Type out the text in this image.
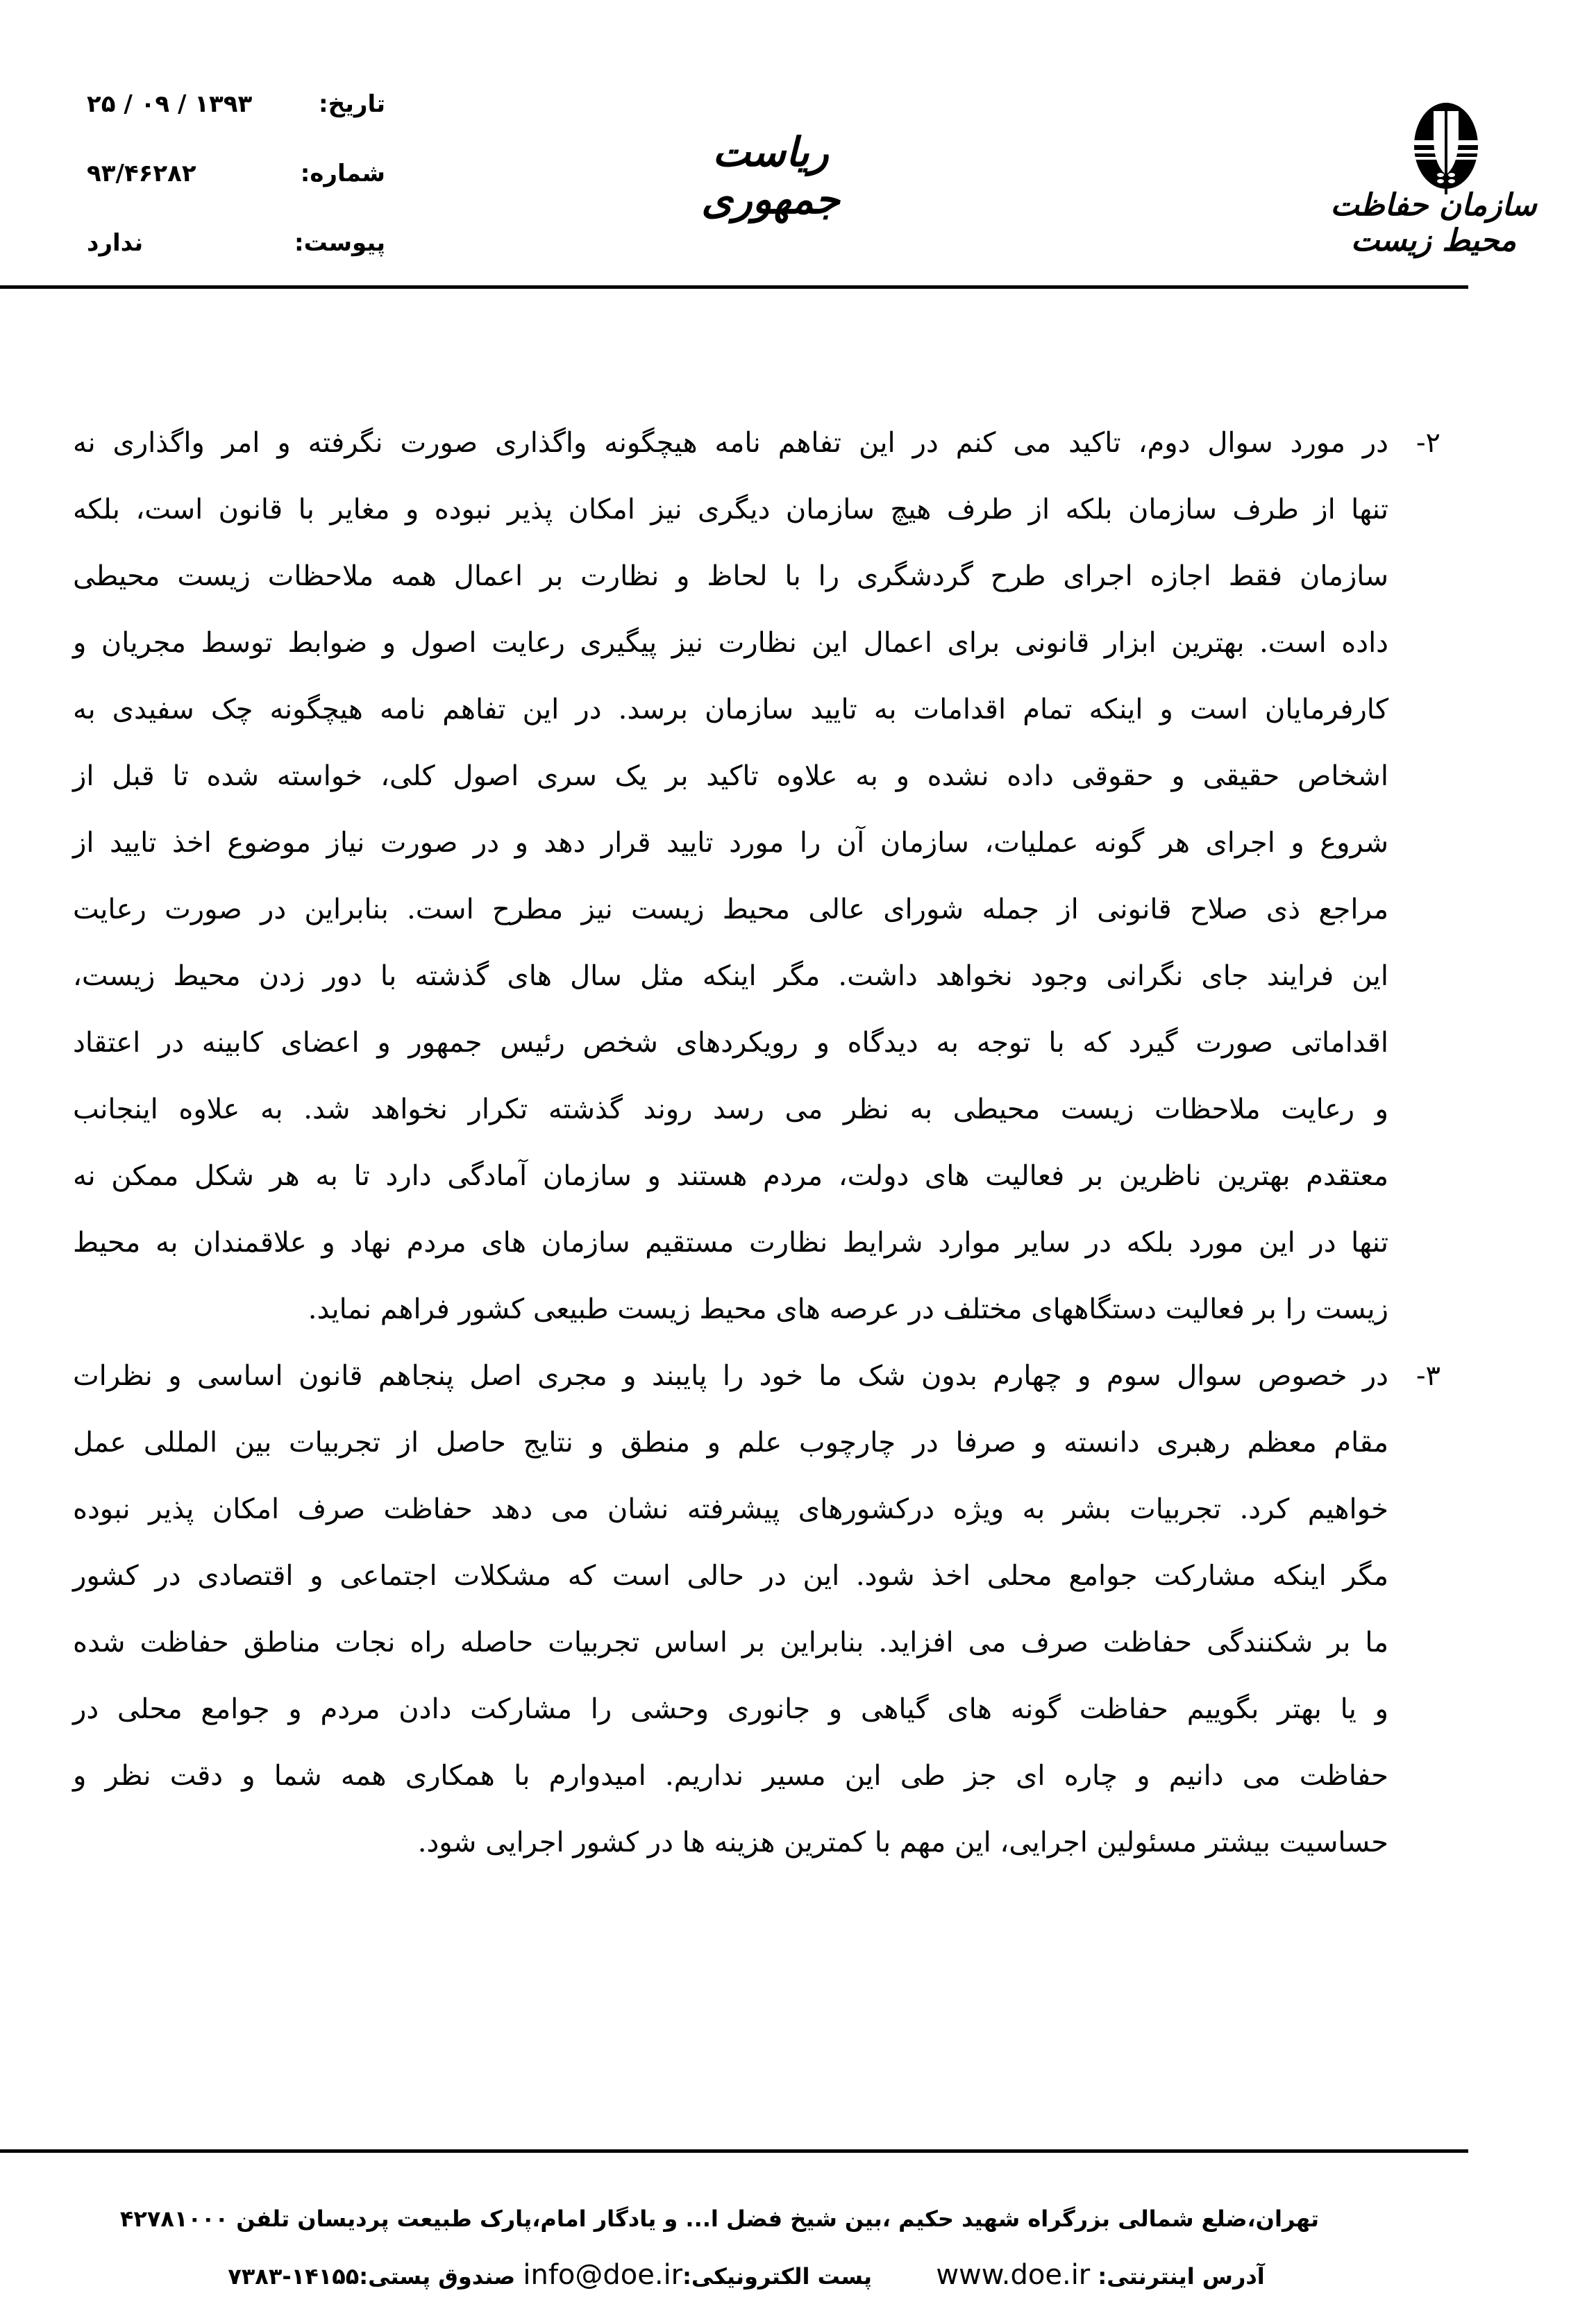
تاریخ:
۱۳۹۳ / ۰۹ / ۲۵
شماره:
۹۳/۴۶۲۸۲
پیوست:
ندارد
ریاست جمهوری	سازمان حفاظت محیط زیست
۲-
در مورد سوال دوم، تاکید می کنم در این تفاهم نامه هیچگونه واگذاری صورت نگرفته و امر واگذاری نه
تنها از طرف سازمان بلکه از طرف هیچ سازمان دیگری نیز امکان پذیر نبوده و مغایر با قانون است، بلکه
سازمان فقط اجازه اجرای طرح گردشگری را با لحاظ و نظارت بر اعمال همه ملاحظات زیست محیطی
داده است. بهترین ابزار قانونی برای اعمال این نظارت نیز پیگیری رعایت اصول و ضوابط توسط مجریان و
کارفرمایان است و اینکه تمام اقدامات به تایید سازمان برسد. در این تفاهم نامه هیچگونه چک سفیدی به
اشخاص حقیقی و حقوقی داده نشده و به علاوه تاکید بر یک سری اصول کلی، خواسته شده تا قبل از
شروع و اجرای هر گونه عملیات، سازمان آن را مورد تایید قرار دهد و در صورت نیاز موضوع اخذ تایید از
مراجع ذی صلاح قانونی از جمله شورای عالی محیط زیست نیز مطرح است. بنابراین در صورت رعایت
این فرایند جای نگرانی وجود نخواهد داشت. مگر اینکه مثل سال های گذشته با دور زدن محیط زیست،
اقداماتی صورت گیرد که با توجه به دیدگاه و رویکردهای شخص رئیس جمهور و اعضای کابینه در اعتقاد
و رعایت ملاحظات زیست محیطی به نظر می رسد روند گذشته تکرار نخواهد شد. به علاوه اینجانب
معتقدم بهترین ناظرین بر فعالیت های دولت، مردم هستند و سازمان آمادگی دارد تا به هر شکل ممکن نه
تنها در این مورد بلکه در سایر موارد شرایط نظارت مستقیم سازمان های مردم نهاد و علاقمندان به محیط
زیست را بر فعالیت دستگاههای مختلف در عرصه های محیط زیست طبیعی کشور فراهم نماید.
۳-
در خصوص سوال سوم و چهارم بدون شک ما خود را پایبند و مجری اصل پنجاهم قانون اساسی و نظرات
مقام معظم رهبری دانسته و صرفا در چارچوب علم و منطق و نتایج حاصل از تجربیات بین المللی عمل
خواهیم کرد. تجربیات بشر به ویژه درکشورهای پیشرفته نشان می دهد حفاظت صرف امکان پذیر نبوده
مگر اینکه مشارکت جوامع محلی اخذ شود. این در حالی است که مشکلات اجتماعی و اقتصادی در کشور
ما بر شکنندگی حفاظت صرف می افزاید. بنابراین بر اساس تجربیات حاصله راه نجات مناطق حفاظت شده
و یا بهتر بگوییم حفاظت گونه های گیاهی و جانوری وحشی را مشارکت دادن مردم و جوامع محلی در
حفاظت می دانیم و چاره ای جز طی این مسیر نداریم. امیدوارم با همکاری همه شما و دقت نظر و
حساسیت بیشتر مسئولین اجرایی، این مهم با کمترین هزینه ها در کشور اجرایی شود.
تهران،ضلع شمالی بزرگراه شهید حکیم ،بین شیخ فضل ا... و یادگار امام،پارک طبیعت پردیسان تلفن ۴۲۷۸۱۰۰۰
آدرس اینترنتی: www.doe.ir  پست الکترونیکی:info@doe.ir صندوق پستی:۱۴۱۵۵-۷۳۸۳
